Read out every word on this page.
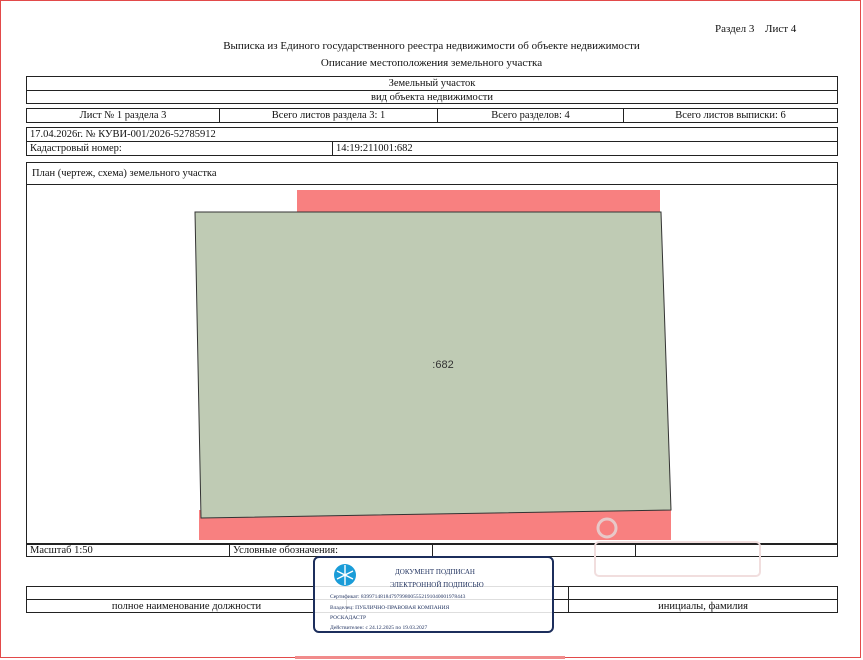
Раздел 3 Лист 4
Выписка из Единого государственного реестра недвижимости об объекте недвижимости
Описание местоположения земельного участка
Земельный участок
вид объекта недвижимости
Лист № 1 раздела 3	Всего листов раздела 3: 1	Всего разделов: 4	Всего листов выписки: 6
17.04.2026г. № КУВИ-001/2026-52785912
Кадастровый номер:	14:19:211001:682
План (чертеж, схема) земельного участка
:682
Масштаб 1:50	Условные обозначения:
полное наименование должности	инициалы, фамилия
ДОКУМЕНТ ПОДПИСАН
ЭЛЕКТРОННОЙ ПОДПИСЬЮ
Сертификат: 839971481847979980055521910400019784​43
Владелец: ПУБЛИЧНО-ПРАВОВАЯ КОМПАНИЯ
РОСКАДАСТР
Действителен: с 24.12.2025 по 19.03.2027
